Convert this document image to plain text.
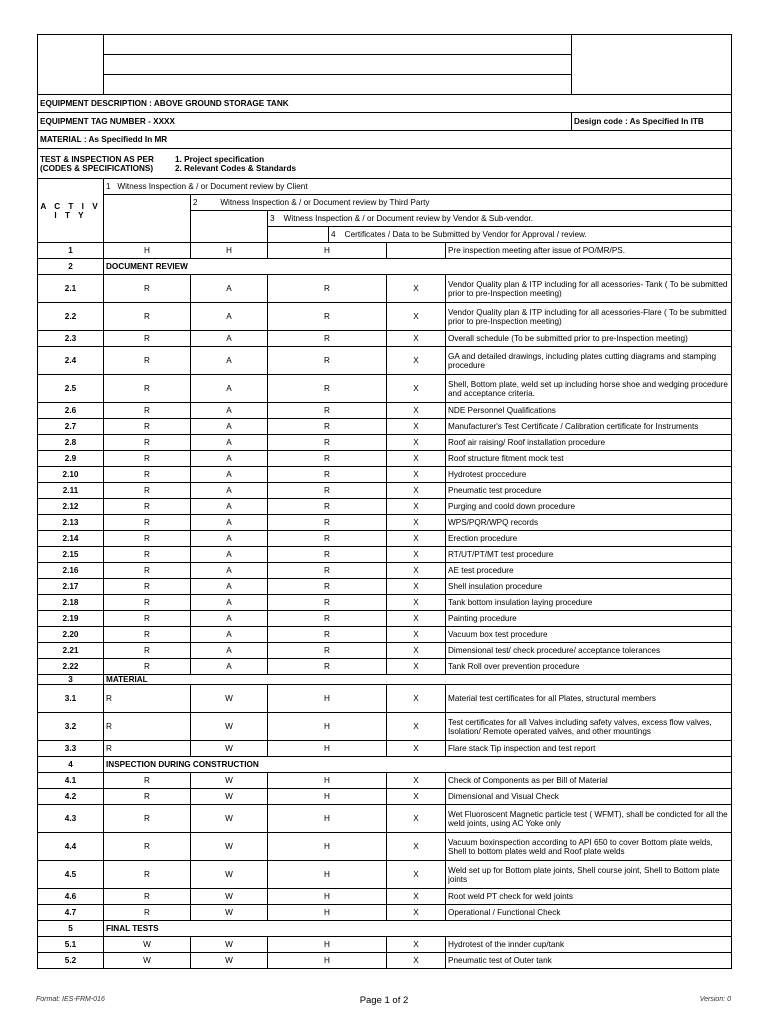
EQUIPMENT DESCRIPTION : ABOVE GROUND STORAGE TANK							
EQUIPMENT TAG NUMBER - XXXX							Design code : As Specified In ITB
MATERIAL : As Specifiedd In MR							

TEST & INSPECTION AS PER
(CODES & SPECIFICATIONS)
1. Project specification
2. Relevant Codes & Standards							

A C T I V I T Y	1 Witness Inspection & / or Document review by Client						
		2 Witness Inspection & / or Document review by Third Party					
			3 Witness Inspection & / or Document review by Vendor & Sub-vendor.				
				4 Certificates / Data to be Submitted by Vendor for Approval / review.			
1	H	H	H			Pre inspection meeting after issue of PO/MR/PS.	
2	DOCUMENT REVIEW						
2.1	R	A	R		X	Vendor Quality plan & ITP including for all acessories- Tank ( To be submitted prior to pre-Inspection meeting)	
2.2	R	A	R		X	Vendor Quality plan & ITP including for all acessories-Flare ( To be submitted prior to pre-Inspection meeting)	
2.3	R	A	R		X	Overall schedule (To be submitted prior to pre-Inspection meeting)	
2.4	R	A	R		X	GA and detailed drawings, including plates cutting diagrams and stamping procedure	
2.5	R	A	R		X	Shell, Bottom plate, weld set up including horse shoe and wedging procedure and acceptance criteria.	
2.6	R	A	R		X	NDE Personnel Qualifications	
2.7	R	A	R		X	Manufacturer's Test Certificate / Calibration certificate for Instruments	
2.8	R	A	R		X	Roof air raising/ Roof installation procedure	
2.9	R	A	R		X	Roof structure fitment mock test	
2.10	R	A	R		X	Hydrotest proccedure	
2.11	R	A	R		X	Pneumatic test procedure	
2.12	R	A	R		X	Purging and coold down procedure	
2.13	R	A	R		X	WPS/PQR/WPQ records	
2.14	R	A	R		X	Erection procedure	
2.15	R	A	R		X	RT/UT/PT/MT test procedure	
2.16	R	A	R		X	AE test procedure	
2.17	R	A	R		X	Shell insulation procedure	
2.18	R	A	R		X	Tank bottom insulation laying procedure	
2.19	R	A	R		X	Painting procedure	
2.20	R	A	R		X	Vacuum box test procedure	
2.21	R	A	R		X	Dimensional test/ check procedure/ acceptance tolerances	
2.22	R	A	R		X	Tank Roll over prevention procedure	
3	MATERIAL						
3.1	R	W	H		X	Material test certificates for all Plates, structural members	
3.2	R	W	H		X	Test certificates for all Valves including safety valves, excess flow valves, Isolation/ Remote operated valves, and other mountings	
3.3	R	W	H		X	Flare stack Tip inspection and test report	
4	INSPECTION DURING CONSTRUCTION						
4.1	R	W	H		X	Check of Components as per Bill of Material	
4.2	R	W	H		X	Dimensional and Visual Check	
4.3	R	W	H		X	Wet Fluoroscent Magnetic particle test ( WFMT), shall be condicted for all the weld joints, using AC Yoke only	
4.4	R	W	H		X	Vacuum boxinspection according to API 650 to cover Bottom plate welds, Shell to bottom plates weld and Roof plate welds	
4.5	R	W	H		X	Weld set up for Bottom plate joints, Shell course joint, Shell to Bottom plate joints	
4.6	R	W	H		X	Root weld PT check for weld joints	
4.7	R	W	H		X	Operational / Functional Check	
5	FINAL TESTS						
5.1	W	W	H		X	Hydrotest of the innder cup/tank	
5.2	W	W	H		X	Pneumatic test of Outer tank	
Format: IES-FRM-016	Page 1 of 2	Version: 0
